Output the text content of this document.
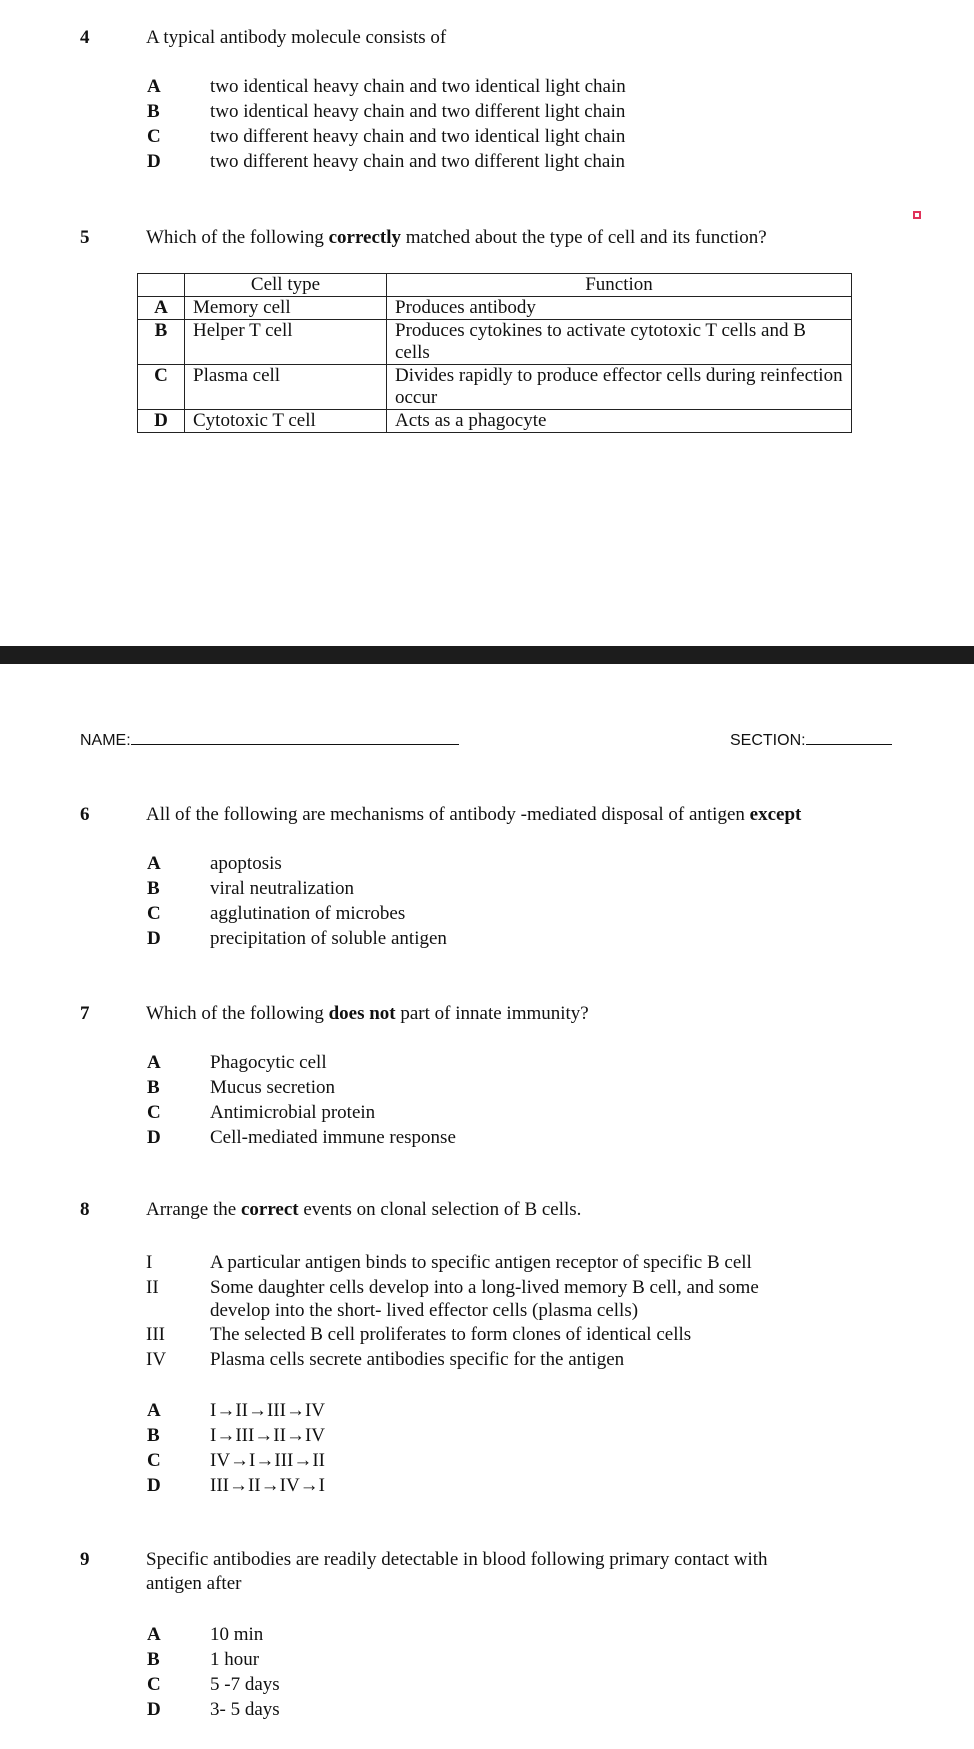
4	A typical antibody molecule consists of
A	two identical heavy chain and two identical light chain
B	two identical heavy chain and two different light chain
C	two different heavy chain and two identical light chain
D	two different heavy chain and two different light chain
5	Which of the following correctly matched about the type of cell and its function?
	Cell type	Function
A	Memory cell	Produces antibody
B	Helper T cell	Produces cytokines to activate cytotoxic T cells and B cells
C	Plasma cell	Divides rapidly to produce effector cells during reinfection occur
D	Cytotoxic T cell	Acts as a phagocyte
NAME:	SECTION:
6	All of the following are mechanisms of antibody -mediated disposal of antigen except
A	apoptosis
B	viral neutralization
C	agglutination of microbes
D	precipitation of soluble antigen
7	Which of the following does not part of innate immunity?
A	Phagocytic cell
B	Mucus secretion
C	Antimicrobial protein
D	Cell-mediated immune response
8	Arrange the correct events on clonal selection of B cells.
I	A particular antigen binds to specific antigen receptor of specific B cell
II	Some daughter cells develop into a long-lived memory B cell, and some
develop into the short- lived effector cells (plasma cells)
III The selected B cell proliferates to form clones of identical cells
IV Plasma cells secrete antibodies specific for the antigen
A	I→II→III→IV
B	I→III→II→IV
C	IV→I→III→II
D	III→II→IV→I
9	Specific antibodies are readily detectable in blood following primary contact with
antigen after
A	10 min
B	1 hour
C	5 -7 days
D	3- 5 days
